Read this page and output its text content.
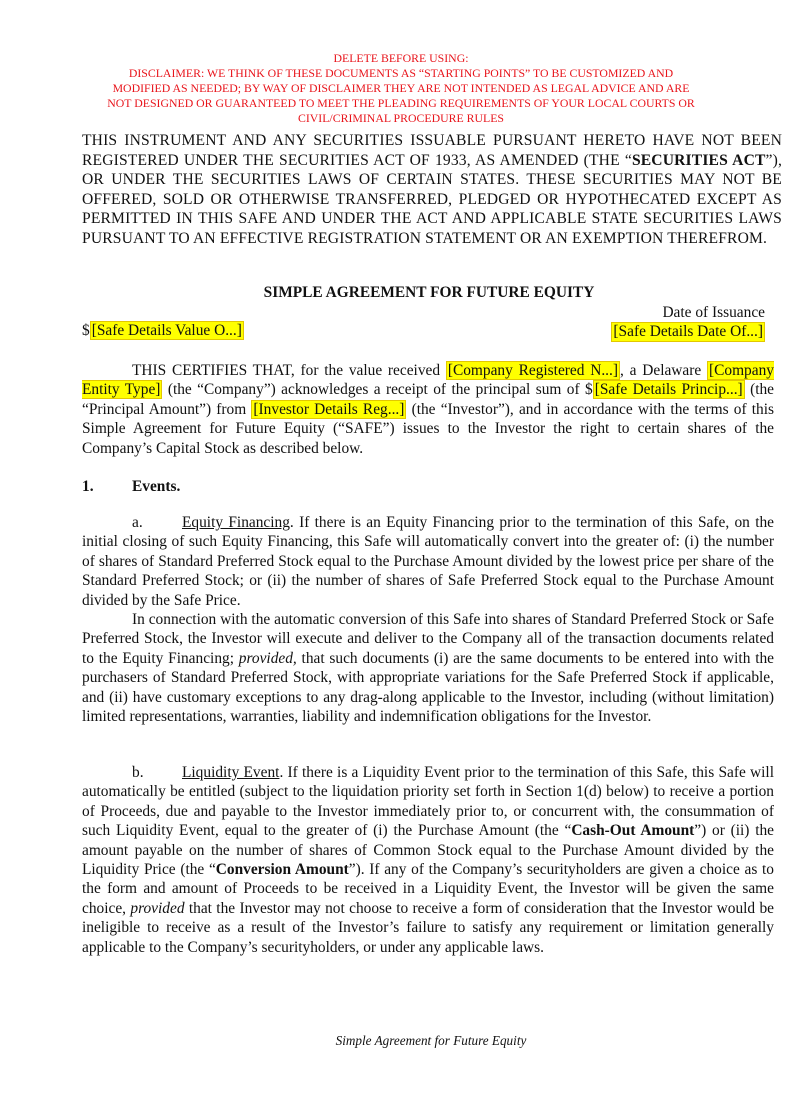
DELETE BEFORE USING:
DISCLAIMER: WE THINK OF THESE DOCUMENTS AS “STARTING POINTS” TO BE CUSTOMIZED AND
MODIFIED AS NEEDED; BY WAY OF DISCLAIMER THEY ARE NOT INTENDED AS LEGAL ADVICE AND ARE
NOT DESIGNED OR GUARANTEED TO MEET THE PLEADING REQUIREMENTS OF YOUR LOCAL COURTS OR
CIVIL/CRIMINAL PROCEDURE RULES
THIS INSTRUMENT AND ANY SECURITIES ISSUABLE PURSUANT HERETO HAVE NOT BEEN REGISTERED UNDER THE SECURITIES ACT OF 1933, AS AMENDED (THE “SECURITIES ACT”), OR UNDER THE SECURITIES LAWS OF CERTAIN STATES. THESE SECURITIES MAY NOT BE OFFERED, SOLD OR OTHERWISE TRANSFERRED, PLEDGED OR HYPOTHECATED EXCEPT AS PERMITTED IN THIS SAFE AND UNDER THE ACT AND APPLICABLE STATE SECURITIES LAWS PURSUANT TO AN EFFECTIVE REGISTRATION STATEMENT OR AN EXEMPTION THEREFROM.
SIMPLE AGREEMENT FOR FUTURE EQUITY
Date of Issuance
$ [Safe Details Value O...]	[Safe Details Date Of...]

THIS CERTIFIES THAT, for the value received [Company Registered N...] , a Delaware [Company Entity Type] (the “Company”) acknowledges a receipt of the principal sum of $ [Safe Details Princip...] (the “Principal Amount”) from [Investor Details Reg...] (the “Investor”), and in accordance with the terms of this Simple Agreement for Future Equity (“SAFE”) issues to the Investor the right to certain shares of the Company’s Capital Stock as described below.

1. Events.

a.	Equity Financing. If there is an Equity Financing prior to the termination of this Safe, on the initial closing of such Equity Financing, this Safe will automatically convert into the greater of: (i) the number of shares of Standard Preferred Stock equal to the Purchase Amount divided by the lowest price per share of the Standard Preferred Stock; or (ii) the number of shares of Safe Preferred Stock equal to the Purchase Amount divided by the Safe Price.

In connection with the automatic conversion of this Safe into shares of Standard Preferred Stock or Safe Preferred Stock, the Investor will execute and deliver to the Company all of the transaction documents related to the Equity Financing; provided, that such documents (i) are the same documents to be entered into with the purchasers of Standard Preferred Stock, with appropriate variations for the Safe Preferred Stock if applicable, and (ii) have customary exceptions to any drag-along applicable to the Investor, including (without limitation) limited representations, warranties, liability and indemnification obligations for the Investor.

b. Liquidity Event. If there is a Liquidity Event prior to the termination of this Safe, this Safe will automatically be entitled (subject to the liquidation priority set forth in Section 1(d) below) to receive a portion of Proceeds, due and payable to the Investor immediately prior to, or concurrent with, the consummation of such Liquidity Event, equal to the greater of (i) the Purchase Amount (the “Cash-Out Amount”) or (ii) the amount payable on the number of shares of Common Stock equal to the Purchase Amount divided by the Liquidity Price (the “Conversion Amount”). If any of the Company’s securityholders are given a choice as to the form and amount of Proceeds to be received in a Liquidity Event, the Investor will be given the same choice, provided that the Investor may not choose to receive a form of consideration that the Investor would be ineligible to receive as a result of the Investor’s failure to satisfy any requirement or limitation generally applicable to the Company’s securityholders, or under any applicable laws.

Simple Agreement for Future Equity
